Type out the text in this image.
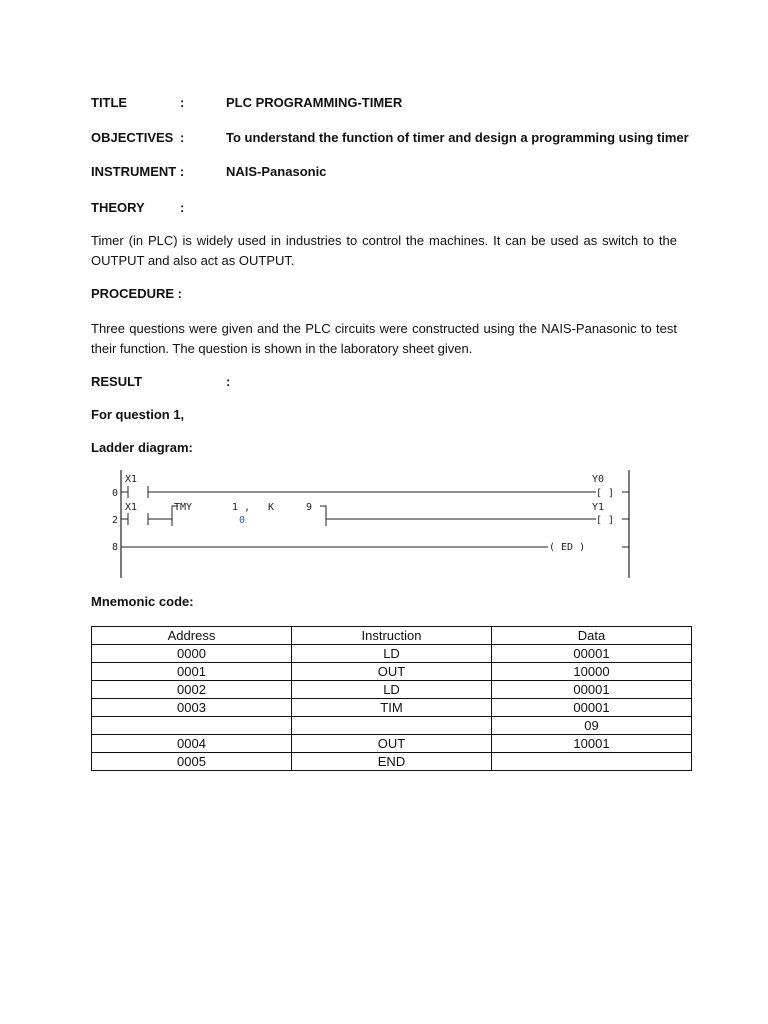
TITLE	:	PLC PROGRAMMING-TIMER
OBJECTIVES :	To understand the function of timer and design a programming using timer
INSTRUMENT :	NAIS-Panasonic
THEORY	:
Timer (in PLC) is widely used in industries to control the machines. It can be used as switch to the OUTPUT and also act as OUTPUT.
PROCEDURE :
Three questions were given and the PLC circuits were constructed using the NAIS-Panasonic to test their function. The question is shown in the laboratory sheet given.
RESULT	:
For question 1,
Ladder diagram:
0
X1	Y0
[ ]
2
X1	TMY	1 , K	9
0
Y1
[ ]
8	( ED )
Mnemonic code:
Address	Instruction	Data
0000	LD	00001
0001	OUT	10000
0002	LD	00001
0003	TIM	00001
		09
0004	OUT	10001
0005	END	
